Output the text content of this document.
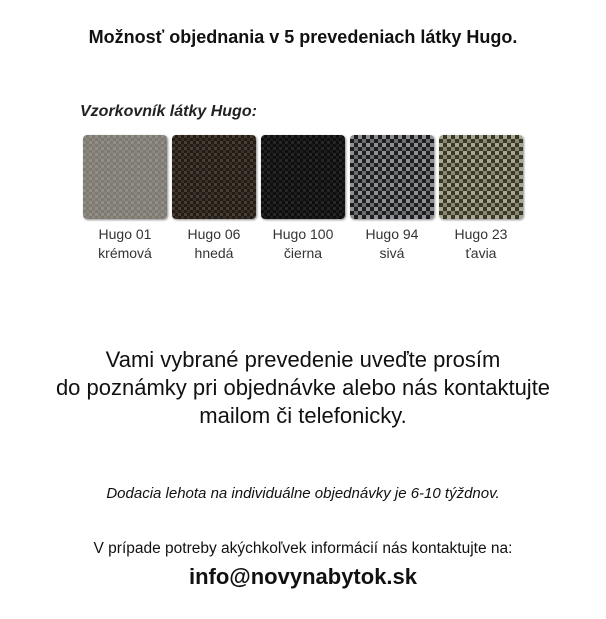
Možnosť objednania v 5 prevedeniach látky Hugo.
Vzorkovník látky Hugo:
Hugo 01
krémová
Hugo 06
hnedá
Hugo 100
čierna
Hugo 94
sivá
Hugo 23
ťavia
Vami vybrané prevedenie uveďte prosím
do poznámky pri objednávke alebo nás kontaktujte
mailom či telefonicky.
Dodacia lehota na individuálne objednávky je 6-10 týždnov.
V prípade potreby akýchkoľvek informácií nás kontaktujte na:
info@novynabytok.sk
